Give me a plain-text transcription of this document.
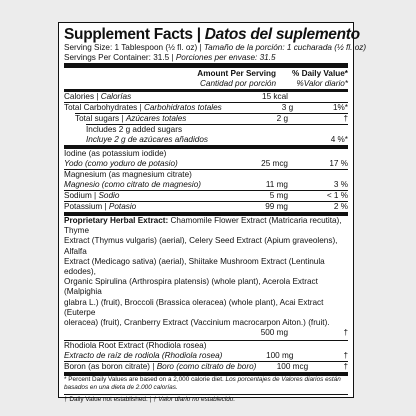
Supplement Facts | Datos del suplemento
Serving Size: 1 Tablespoon (½ fl. oz) | Tamaño de la porción: 1 cucharada (½ fl. oz)
Servings Per Container: 31.5 | Porciones per envase: 31.5
Amount Per Serving
Cantidad por porción
% Daily Value*
%Valor diario*
Calories | Calorías	15 kcal
Total Carbohydrates | Carbohidratos totales	3 g	1%*
Total sugars | Azúcares totales	2 g	†
Includes 2 g added sugars
Incluye 2 g de azúcares añadidos	4 %*
Iodine (as potassium iodide)
Yodo (como yoduro de potasio)	25 mcg	17 %
Magnesium (as magnesium citrate)
Magnesio (como citrato de magnesio)	11 mg	3 %
Sodium | Sodio	5 mg	< 1 %
Potassium | Potasio	99 mg	2 %
Proprietary Herbal Extract: Chamomile Flower Extract (Matricaria recutita), Thyme
Extract (Thymus vulgaris) (aerial), Celery Seed Extract (Apium graveolens), Alfalfa
Extract (Medicago sativa) (aerial), Shiitake Mushroom Extract (Lentinula edodes),
Organic Spirulina (Arthrospira platensis) (whole plant), Acerola Extract (Malpighia
glabra L.) (fruit), Broccoli (Brassica oleracea) (whole plant), Acai Extract (Euterpe
oleracea) (fruit), Cranberry Extract (Vaccinium macrocarpon Aiton.) (fruit).
500 mg	†
Rhodiola Root Extract (Rhodiola rosea)
Extracto de raíz de rodiola (Rhodiola rosea)	100 mg	†
Boron (as boron citrate) | Boro (como citrato de boro)	100 mcg	†
* Percent Daily Values are based on a 2,000 calorie diet. Los porcentajes de Valores diarios están
basados en una dieta de 2.000 calorías.
† Daily Value not established. | † Valor diario no establecido.
